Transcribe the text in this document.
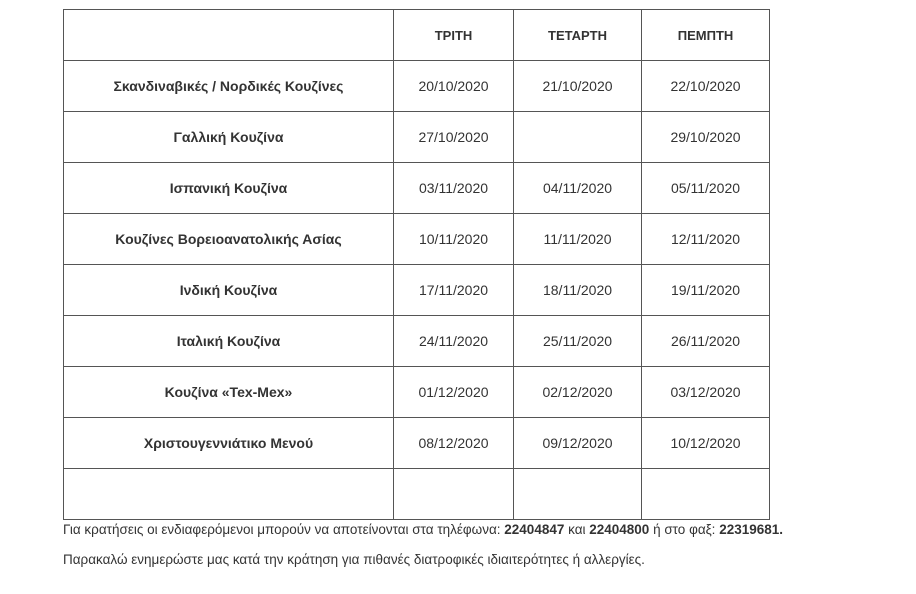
	ΤΡΙΤΗ	ΤΕΤΑΡΤΗ	ΠΕΜΠΤΗ
Σκανδιναβικές / Νορδικές Κουζίνες	20/10/2020	21/10/2020	22/10/2020
Γαλλική Κουζίνα	27/10/2020		29/10/2020
Ισπανική Κουζίνα	03/11/2020	04/11/2020	05/11/2020
Κουζίνες Βορειοανατολικής Ασίας	10/11/2020	11/11/2020	12/11/2020
Ινδική Κουζίνα	17/11/2020	18/11/2020	19/11/2020
Ιταλική Κουζίνα	24/11/2020	25/11/2020	26/11/2020
Κουζίνα «Tex-Mex»	01/12/2020	02/12/2020	03/12/2020
Χριστουγεννιάτικο Μενού	08/12/2020	09/12/2020	10/12/2020

Για κρατήσεις οι ενδιαφερόμενοι μπορούν να αποτείνονται στα τηλέφωνα: 22404847 και 22404800 ή στο φαξ: 22319681.
Παρακαλώ ενημερώστε μας κατά την κράτηση για πιθανές διατροφικές ιδιαιτερότητες ή αλλεργίες.
